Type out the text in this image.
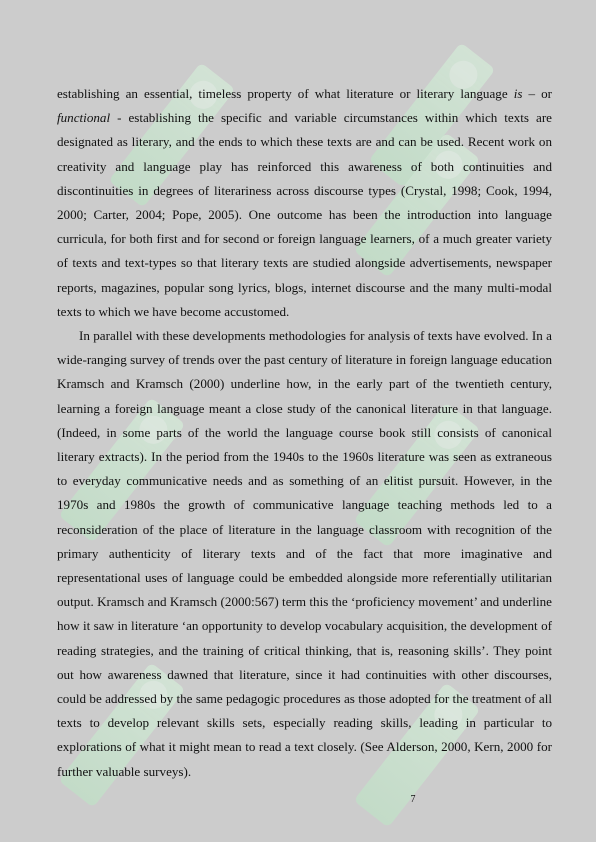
establishing an essential, timeless property of what literature or literary language is – or functional - establishing the specific and variable circumstances within which texts are designated as literary, and the ends to which these texts are and can be used. Recent work on creativity and language play has reinforced this awareness of both continuities and discontinuities in degrees of literariness across discourse types (Crystal, 1998; Cook, 1994, 2000; Carter, 2004; Pope, 2005). One outcome has been the introduction into language curricula, for both first and for second or foreign language learners, of a much greater variety of texts and text-types so that literary texts are studied alongside advertisements, newspaper reports, magazines, popular song lyrics, blogs, internet discourse and the many multi-modal texts to which we have become accustomed.

In parallel with these developments methodologies for analysis of texts have evolved. In a wide-ranging survey of trends over the past century of literature in foreign language education Kramsch and Kramsch (2000) underline how, in the early part of the twentieth century, learning a foreign language meant a close study of the canonical literature in that language. (Indeed, in some parts of the world the language course book still consists of canonical literary extracts). In the period from the 1940s to the 1960s literature was seen as extraneous to everyday communicative needs and as something of an elitist pursuit. However, in the 1970s and 1980s the growth of communicative language teaching methods led to a reconsideration of the place of literature in the language classroom with recognition of the primary authenticity of literary texts and of the fact that more imaginative and representational uses of language could be embedded alongside more referentially utilitarian output. Kramsch and Kramsch (2000:567) term this the ‘proficiency movement’ and underline how it saw in literature ‘an opportunity to develop vocabulary acquisition, the development of reading strategies, and the training of critical thinking, that is, reasoning skills’. They point out how awareness dawned that literature, since it had continuities with other discourses, could be addressed by the same pedagogic procedures as those adopted for the treatment of all texts to develop relevant skills sets, especially reading skills, leading in particular to explorations of what it might mean to read a text closely. (See Alderson, 2000, Kern, 2000 for further valuable surveys).

7
